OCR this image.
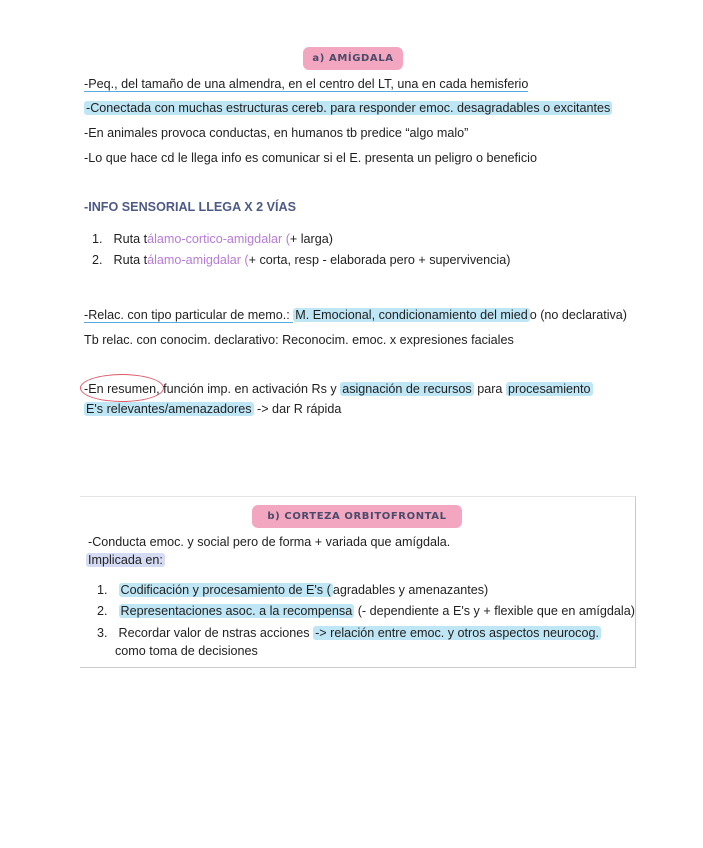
a) AMÍGDALA
-Peq., del tamaño de una almendra, en el centro del LT, una en cada hemisferio
-Conectada con muchas estructuras cereb. para responder emoc. desagradables o excitantes
-En animales provoca conductas, en humanos tb predice “algo malo”
-Lo que hace cd le llega info es comunicar si el E. presenta un peligro o beneficio
-INFO SENSORIAL LLEGA X 2 VÍAS
1. Ruta tálamo-cortico-amigdalar (+ larga)
2. Ruta tálamo-amigdalar (+ corta, resp - elaborada pero + supervivencia)
-Relac. con tipo particular de memo.: M. Emocional, condicionamiento del mied o (no declarativa)
Tb relac. con conocim. declarativo: Reconocim. emoc. x expresiones faciales
-En resumen, función imp. en activación Rs y asignación de recursos para procesamiento
E's relevantes/amenazadores -> dar R rápida
b) CORTEZA ORBITOFRONTAL
-Conducta emoc. y social pero de forma + variada que amígdala.
Implicada en:
1. Codificación y procesamiento de E's ( agradables y amenazantes)
2. Representaciones asoc. a la recompensa (- dependiente a E's y + flexible que en amígdala)
3. Recordar valor de nstras acciones -> relación entre emoc. y otros aspectos neurocog.
como toma de decisiones
